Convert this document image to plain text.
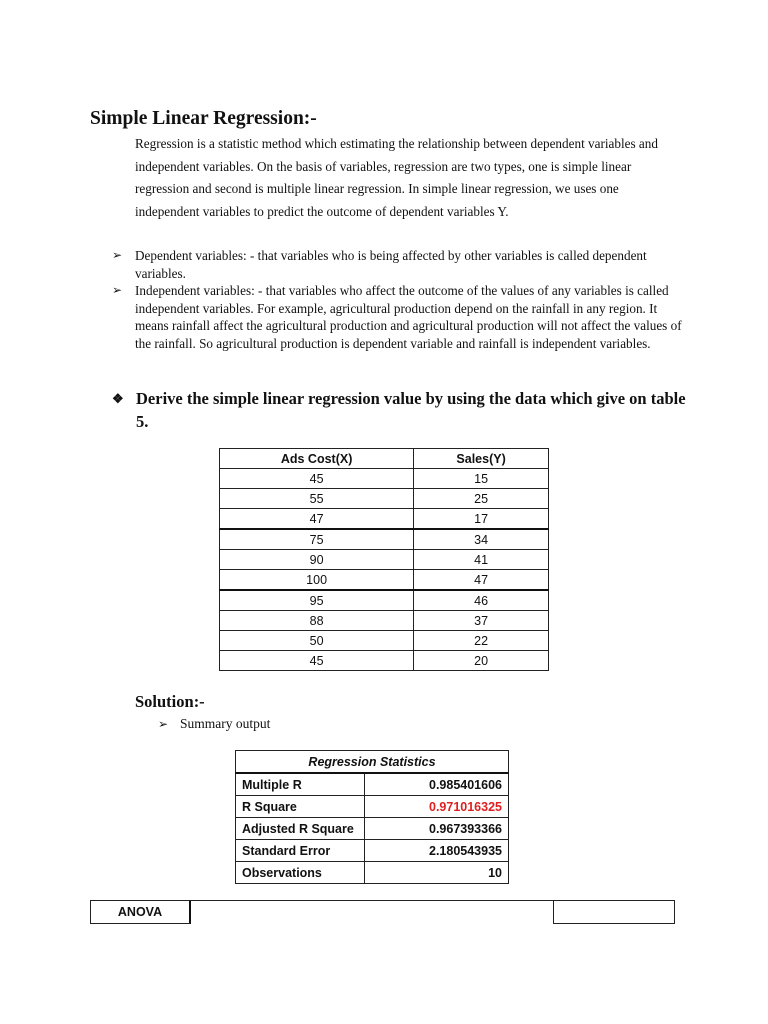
Simple Linear Regression:-
Regression is a statistic method which estimating the relationship between dependent variables and independent variables. On the basis of variables, regression are two types, one is simple linear regression and second is multiple linear regression. In simple linear regression, we uses one independent variables to predict the outcome of dependent variables Y.
➢ Dependent variables: - that variables who is being affected by other variables is called dependent variables.
➢ Independent variables: - that variables who affect the outcome of the values of any variables is called independent variables. For example, agricultural production depend on the rainfall in any region. It means rainfall affect the agricultural production and agricultural production will not affect the values of the rainfall. So agricultural production is dependent variable and rainfall is independent variables.
❖ Derive the simple linear regression value by using the data which give on table 5.
Ads Cost(X)	Sales(Y)
45	15
55	25
47	17
75	34
90	41
100	47
95	46
88	37
50	22
45	20
Solution:-
➢ Summary output
Regression Statistics	
Multiple R	0.985401606
R Square	0.971016325
Adjusted R Square	0.967393366
Standard Error	2.180543935
Observations	10
ANOVA
